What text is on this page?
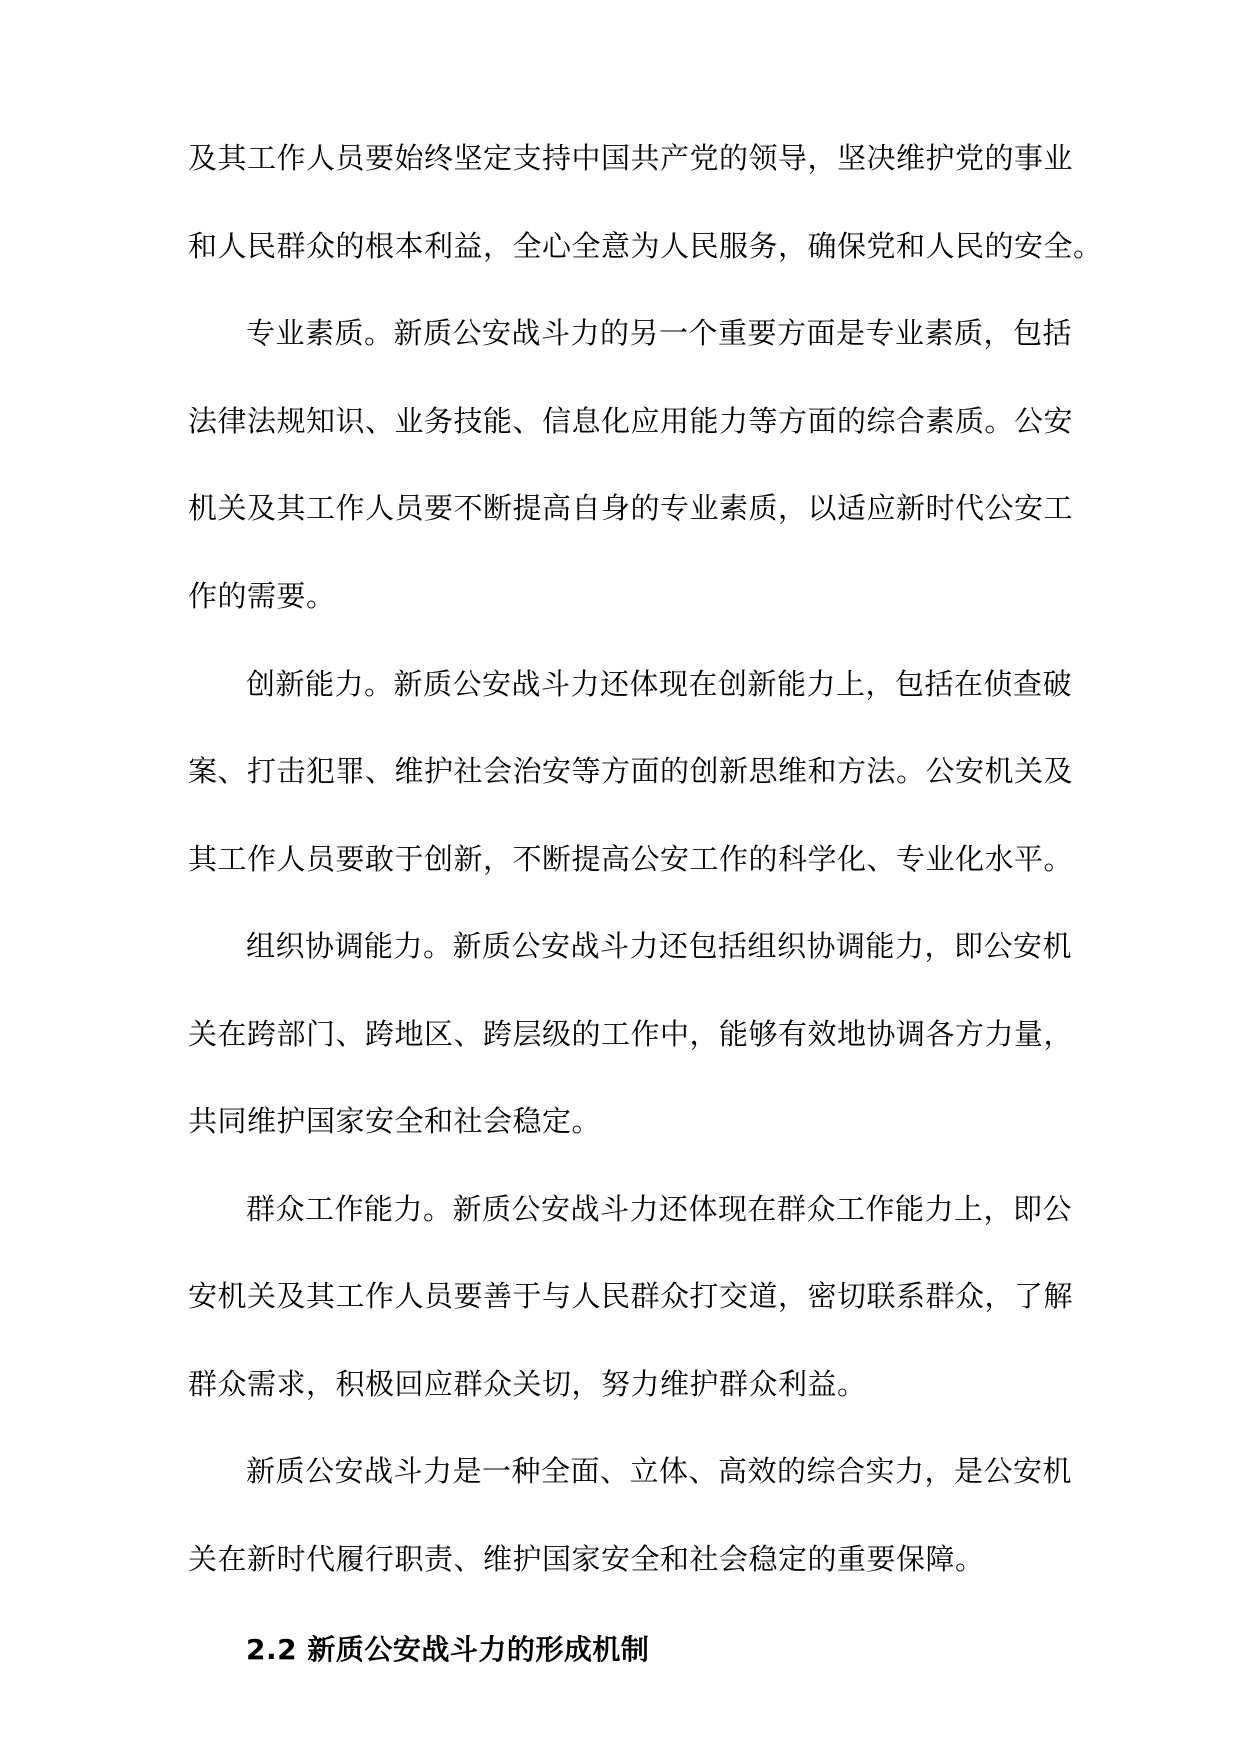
及其工作人员要始终坚定支持中国共产党的领导，坚决维护党的事业
和人民群众的根本利益，全心全意为人民服务，确保党和人民的安全。
专业素质。新质公安战斗力的另一个重要方面是专业素质，包括
法律法规知识、业务技能、信息化应用能力等方面的综合素质。公安
机关及其工作人员要不断提高自身的专业素质，以适应新时代公安工
作的需要。
创新能力。新质公安战斗力还体现在创新能力上，包括在侦查破
案、打击犯罪、维护社会治安等方面的创新思维和方法。公安机关及
其工作人员要敢于创新，不断提高公安工作的科学化、专业化水平。
组织协调能力。新质公安战斗力还包括组织协调能力，即公安机
关在跨部门、跨地区、跨层级的工作中，能够有效地协调各方力量，
共同维护国家安全和社会稳定。
群众工作能力。新质公安战斗力还体现在群众工作能力上，即公
安机关及其工作人员要善于与人民群众打交道，密切联系群众，了解
群众需求，积极回应群众关切，努力维护群众利益。
新质公安战斗力是一种全面、立体、高效的综合实力，是公安机
关在新时代履行职责、维护国家安全和社会稳定的重要保障。
2.2 新质公安战斗力的形成机制
